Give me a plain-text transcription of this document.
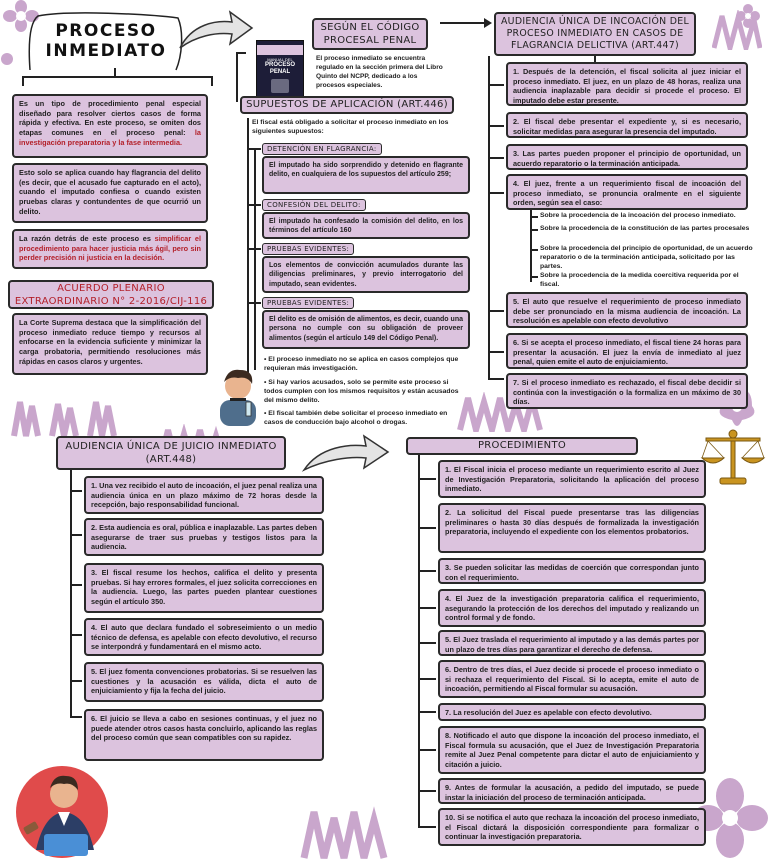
PROCESO
INMEDIATO	MANUAL DEL
PROCESO
PENAL
Es un tipo de procedimiento penal especial diseñado para resolver ciertos casos de forma rápida y efectiva. En este proceso, se omiten dos etapas comunes en el proceso penal: la investigación preparatoria y la fase intermedia.
Esto solo se aplica cuando hay flagrancia del delito (es decir, que el acusado fue capturado en el acto), cuando el imputado confiesa o cuando existen pruebas claras y contundentes de que ocurrió un delito.
La razón detrás de este proceso es simplificar el procedimiento para hacer justicia más ágil, pero sin perder precisión ni justicia en la decisión.
ACUERDO PLENARIO EXTRAORDINARIO N° 2-2016/CIJ-116
La Corte Suprema destaca que la simplificación del proceso inmediato reduce tiempo y recursos al enfocarse en la evidencia suficiente y minimizar la carga probatoria, permitiendo resoluciones más rápidas en casos claros y urgentes.
SEGÚN EL CÓDIGO PROCESAL PENAL
El proceso inmediato se encuentra regulado en la sección primera del Libro Quinto del NCPP, dedicado a los procesos especiales.
SUPUESTOS DE APLICACIÓN (ART.446)
El fiscal está obligado a solicitar el proceso inmediato en los siguientes supuestos:
DETENCIÓN EN FLAGRANCIA:
El imputado ha sido sorprendido y detenido en flagrante delito, en cualquiera de los supuestos del artículo 259;
CONFESIÓN DEL DELITO:
El imputado ha confesado la comisión del delito, en los términos del artículo 160
PRUEBAS EVIDENTES:
Los elementos de convicción acumulados durante las diligencias preliminares, y previo interrogatorio del imputado, sean evidentes.
PRUEBAS EVIDENTES:
El delito es de omisión de alimentos, es decir, cuando una persona no cumple con su obligación de proveer alimentos (según el artículo 149 del Código Penal).
• El proceso inmediato no se aplica en casos complejos que requieran más investigación.
• Si hay varios acusados, solo se permite este proceso si todos cumplen con los mismos requisitos y están acusados del mismo delito.
• El fiscal también debe solicitar el proceso inmediato en casos de conducción bajo alcohol o drogas.
AUDIENCIA ÚNICA DE INCOACIÓN DEL PROCESO INMEDIATO EN CASOS DE FLAGRANCIA DELICTIVA (ART.447)
1. Después de la detención, el fiscal solicita al juez iniciar el proceso inmediato. El juez, en un plazo de 48 horas, realiza una audiencia inaplazable para decidir si procede el proceso. El imputado debe estar presente.
2. El fiscal debe presentar el expediente y, si es necesario, solicitar medidas para asegurar la presencia del imputado.
3. Las partes pueden proponer el principio de oportunidad, un acuerdo reparatorio o la terminación anticipada.
4. El juez, frente a un requerimiento fiscal de incoación del proceso inmediato, se pronuncia oralmente en el siguiente orden, según sea el caso:
Sobre la procedencia de la incoación del proceso inmediato.
Sobre la procedencia de la constitución de las partes procesales
Sobre la procedencia del principio de oportunidad, de un acuerdo reparatorio o de la terminación anticipada, solicitado por las partes.
Sobre la procedencia de la medida coercitiva requerida por el fiscal.
5. El auto que resuelve el requerimiento de proceso inmediato debe ser pronunciado en la misma audiencia de incoación. La resolución es apelable con efecto devolutivo
6. Si se acepta el proceso inmediato, el fiscal tiene 24 horas para presentar la acusación. El juez la envía de inmediato al juez penal, quien emite el auto de enjuiciamiento.
7. Si el proceso inmediato es rechazado, el fiscal debe decidir si continúa con la investigación o la formaliza en un máximo de 30 días.
AUDIENCIA ÚNICA DE JUICIO INMEDIATO (ART.448)
1. Una vez recibido el auto de incoación, el juez penal realiza una audiencia única en un plazo máximo de 72 horas desde la recepción, bajo responsabilidad funcional.
2. Esta audiencia es oral, pública e inaplazable. Las partes deben asegurarse de traer sus pruebas y testigos listos para la audiencia.
3. El fiscal resume los hechos, califica el delito y presenta pruebas. Si hay errores formales, el juez solicita correcciones en la audiencia. Luego, las partes pueden plantear cuestiones según el artículo 350.
4. El auto que declara fundado el sobreseimiento o un medio técnico de defensa, es apelable con efecto devolutivo, el recurso se interpondrá y fundamentará en el mismo acto.
5. El juez fomenta convenciones probatorias. Si se resuelven las cuestiones y la acusación es válida, dicta el auto de enjuiciamiento y fija la fecha del juicio.
6. El juicio se lleva a cabo en sesiones continuas, y el juez no puede atender otros casos hasta concluirlo, aplicando las reglas del proceso común que sean compatibles con su rapidez.
PROCEDIMIENTO
1. El Fiscal inicia el proceso mediante un requerimiento escrito al Juez de Investigación Preparatoria, solicitando la aplicación del proceso inmediato.
2. La solicitud del Fiscal puede presentarse tras las diligencias preliminares o hasta 30 días después de formalizada la investigación preparatoria, incluyendo el expediente con los elementos probatorios.
3. Se pueden solicitar las medidas de coerción que correspondan junto con el requerimiento.
4. El Juez de la investigación preparatoria califica el requerimiento, asegurando la protección de los derechos del imputado y realizando un control formal y de fondo.
5. El Juez traslada el requerimiento al imputado y a las demás partes por un plazo de tres días para garantizar el derecho de defensa.
6. Dentro de tres días, el Juez decide si procede el proceso inmediato o si rechaza el requerimiento del Fiscal. Si lo acepta, emite el auto de incoación, permitiendo al Fiscal formular su acusación.
7. La resolución del Juez es apelable con efecto devolutivo.
8. Notificado el auto que dispone la incoación del proceso inmediato, el Fiscal formula su acusación, que el Juez de Investigación Preparatoria remite al Juez Penal competente para dictar el auto de enjuiciamiento y citación a juicio.
9. Antes de formular la acusación, a pedido del imputado, se puede instar la iniciación del proceso de terminación anticipada.
10. Si se notifica el auto que rechaza la incoación del proceso inmediato, el Fiscal dictará la disposición correspondiente para formalizar o continuar la investigación preparatoria.
